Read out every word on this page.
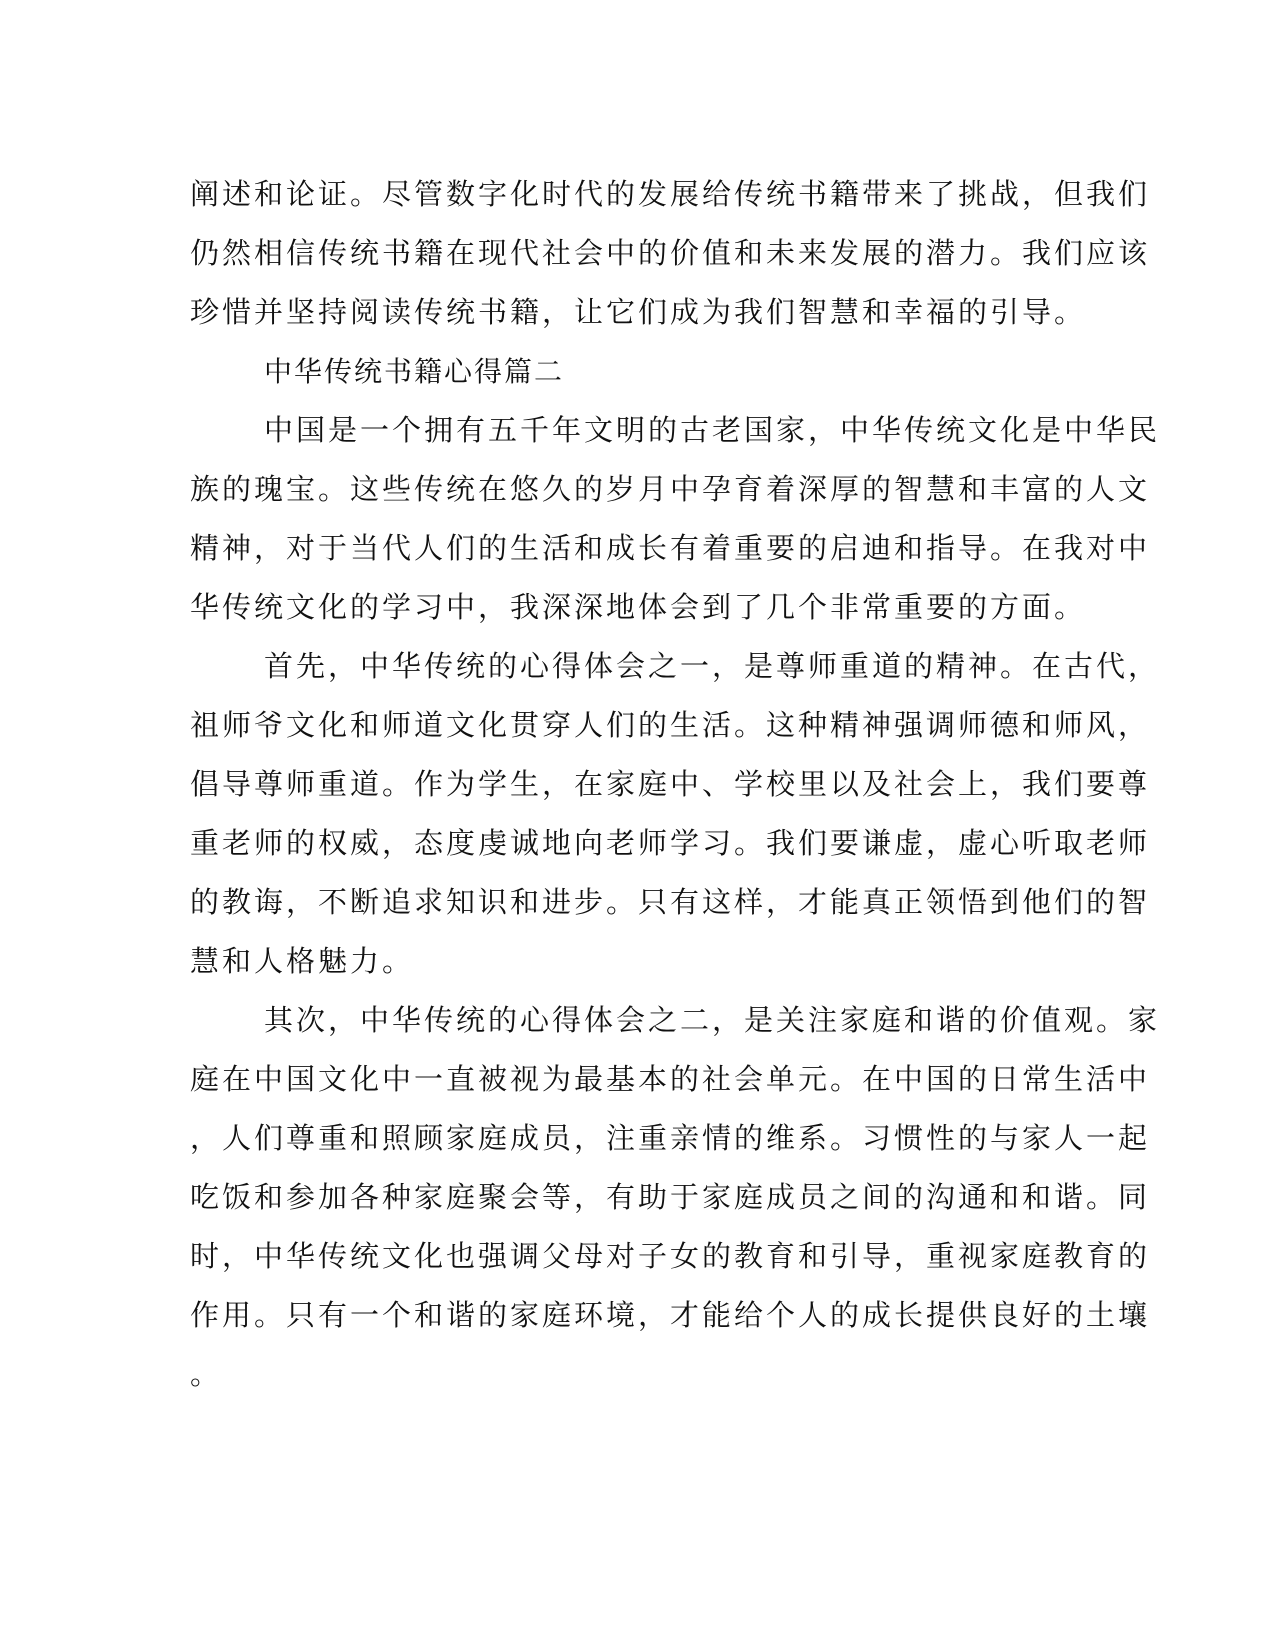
阐述和论证。尽管数字化时代的发展给传统书籍带来了挑战，但我们
仍然相信传统书籍在现代社会中的价值和未来发展的潜力。我们应该
珍惜并坚持阅读传统书籍，让它们成为我们智慧和幸福的引导。
中华传统书籍心得篇二
中国是一个拥有五千年文明的古老国家，中华传统文化是中华民
族的瑰宝。这些传统在悠久的岁月中孕育着深厚的智慧和丰富的人文
精神，对于当代人们的生活和成长有着重要的启迪和指导。在我对中
华传统文化的学习中，我深深地体会到了几个非常重要的方面。
首先，中华传统的心得体会之一，是尊师重道的精神。在古代，
祖师爷文化和师道文化贯穿人们的生活。这种精神强调师德和师风，
倡导尊师重道。作为学生，在家庭中、学校里以及社会上，我们要尊
重老师的权威，态度虔诚地向老师学习。我们要谦虚，虚心听取老师
的教诲，不断追求知识和进步。只有这样，才能真正领悟到他们的智
慧和人格魅力。
其次，中华传统的心得体会之二，是关注家庭和谐的价值观。家
庭在中国文化中一直被视为最基本的社会单元。在中国的日常生活中
，人们尊重和照顾家庭成员，注重亲情的维系。习惯性的与家人一起
吃饭和参加各种家庭聚会等，有助于家庭成员之间的沟通和和谐。同
时，中华传统文化也强调父母对子女的教育和引导，重视家庭教育的
作用。只有一个和谐的家庭环境，才能给个人的成长提供良好的土壤
。
